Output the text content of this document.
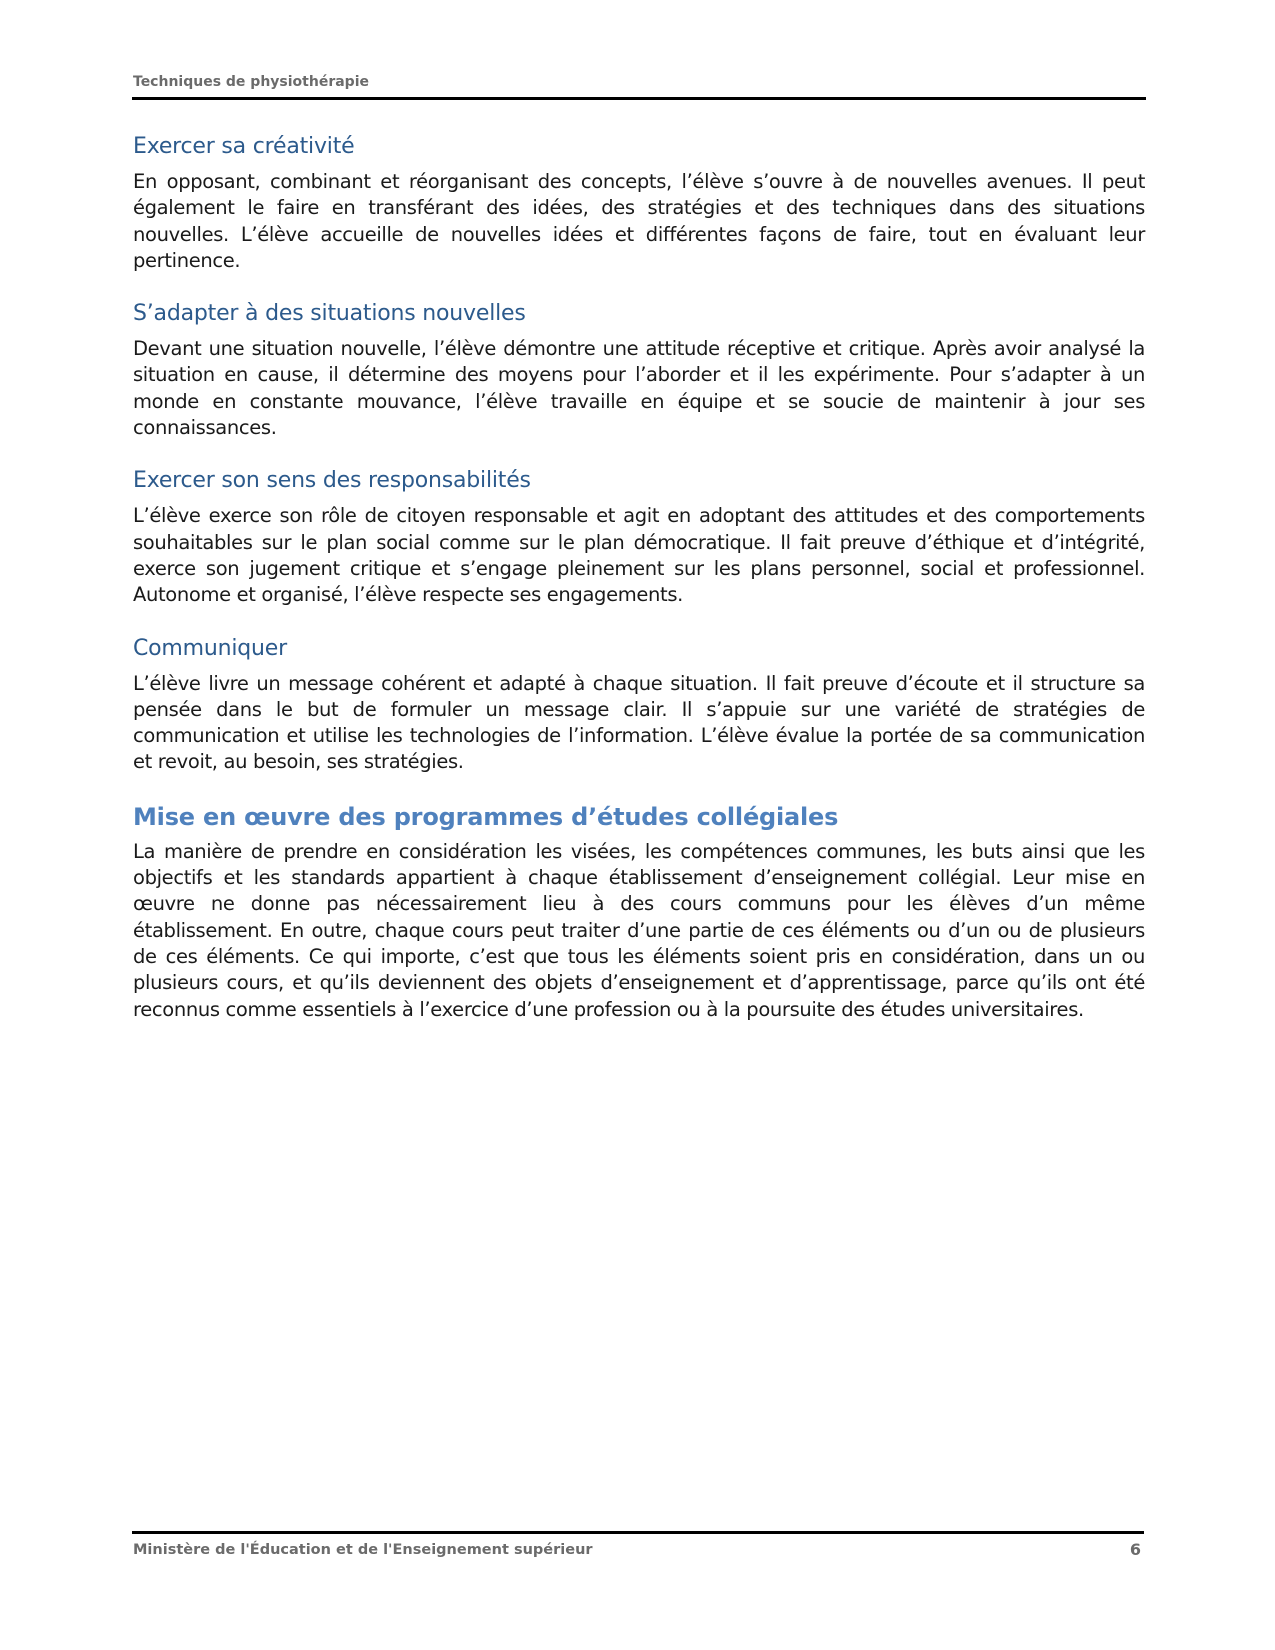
Techniques de physiothérapie
Exercer sa créativité

En opposant, combinant et réorganisant des concepts, l’élève s’ouvre à de nouvelles avenues. Il peut également le faire en transférant des idées, des stratégies et des techniques dans des situations nouvelles. L’élève accueille de nouvelles idées et différentes façons de faire, tout en évaluant leur pertinence.

S’adapter à des situations nouvelles

Devant une situation nouvelle, l’élève démontre une attitude réceptive et critique. Après avoir analysé la situation en cause, il détermine des moyens pour l’aborder et il les expérimente. Pour s’adapter à un monde en constante mouvance, l’élève travaille en équipe et se soucie de maintenir à jour ses connaissances.

Exercer son sens des responsabilités

L’élève exerce son rôle de citoyen responsable et agit en adoptant des attitudes et des comportements souhaitables sur le plan social comme sur le plan démocratique. Il fait preuve d’éthique et d’intégrité, exerce son jugement critique et s’engage pleinement sur les plans personnel, social et professionnel. Autonome et organisé, l’élève respecte ses engagements.

Communiquer

L’élève livre un message cohérent et adapté à chaque situation. Il fait preuve d’écoute et il structure sa pensée dans le but de formuler un message clair. Il s’appuie sur une variété de stratégies de communication et utilise les technologies de l’information. L’élève évalue la portée de sa communication et revoit, au besoin, ses stratégies.

Mise en œuvre des programmes d’études collégiales

La manière de prendre en considération les visées, les compétences communes, les buts ainsi que les objectifs et les standards appartient à chaque établissement d’enseignement collégial. Leur mise en œuvre ne donne pas nécessairement lieu à des cours communs pour les élèves d’un même établissement. En outre, chaque cours peut traiter d’une partie de ces éléments ou d’un ou de plusieurs de ces éléments. Ce qui importe, c’est que tous les éléments soient pris en considération, dans un ou plusieurs cours, et qu’ils deviennent des objets d’enseignement et d’apprentissage, parce qu’ils ont été reconnus comme essentiels à l’exercice d’une profession ou à la poursuite des études universitaires.

Ministère de l'Éducation et de l'Enseignement supérieur	6
